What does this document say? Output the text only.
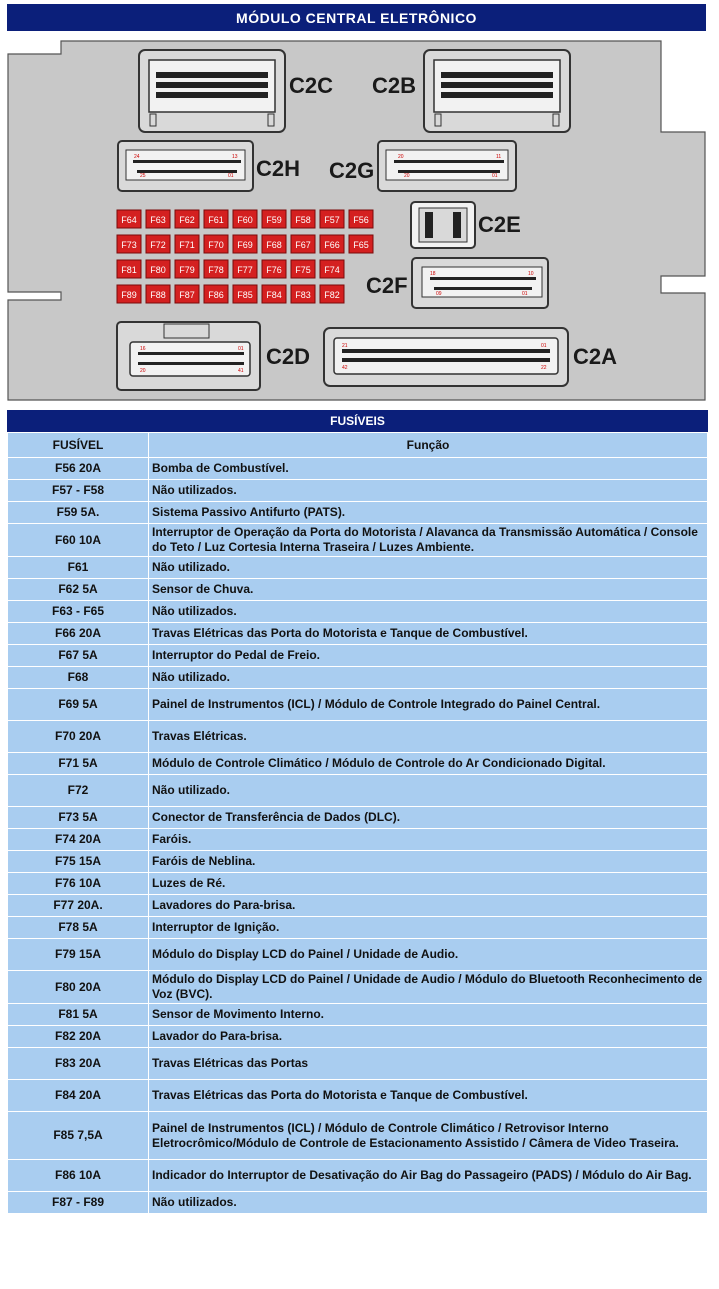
MÓDULO CENTRAL ELETRÔNICO
C2C C2B
24	13
25	01 C2H	20	11
20	01
C2G
C2E
18	10
09	01
C2F
16	01
20	41
C2D	21	01
42	22 C2A
F64 F63 F62 F61 F60 F59 F58 F57 F56
F73 F72 F71 F70 F69 F68 F67 F66 F65
F81 F80 F79 F78 F77 F76 F75 F74
F89 F88 F87 F86 F85 F84 F83 F82
FUSÍVEIS
FUSÍVEL	Função
F56 20A	Bomba de Combustível.
F57 - F58	Não utilizados.
F59 5A.	Sistema Passivo Antifurto (PATS).
F60 10A	Interruptor de Operação da Porta do Motorista / Alavanca da Transmissão Automática / Console do Teto / Luz Cortesia Interna Traseira / Luzes Ambiente.
F61	Não utilizado.
F62 5A	Sensor de Chuva.
F63 - F65	Não utilizados.
F66 20A	Travas Elétricas das Porta do Motorista e Tanque de Combustível.
F67 5A	Interruptor do Pedal de Freio.
F68	Não utilizado.
F69 5A	Painel de Instrumentos (ICL) / Módulo de Controle Integrado do Painel Central.
F70 20A	Travas Elétricas.
F71 5A	Módulo de Controle Climático / Módulo de Controle do Ar Condicionado Digital.
F72	Não utilizado.
F73 5A	Conector de Transferência de Dados (DLC).
F74 20A	Faróis.
F75 15A	Faróis de Neblina.
F76 10A	Luzes de Ré.
F77 20A.	Lavadores do Para-brisa.
F78 5A	Interruptor de Ignição.
F79 15A	Módulo do Display LCD do Painel / Unidade de Audio.
F80 20A	Módulo do Display LCD do Painel / Unidade de Audio / Módulo do Bluetooth Reconhecimento de Voz (BVC).
F81 5A	Sensor de Movimento Interno.
F82 20A	Lavador do Para-brisa.
F83 20A	Travas Elétricas das Portas
F84 20A	Travas Elétricas das Porta do Motorista e Tanque de Combustível.
F85 7,5A	Painel de Instrumentos (ICL) / Módulo de Controle Climático / Retrovisor Interno Eletrocrômico/Módulo de Controle de Estacionamento Assistido / Câmera de Video Traseira.
F86 10A	Indicador do Interruptor de Desativação do Air Bag do Passageiro (PADS) / Módulo do Air Bag.
F87 - F89	Não utilizados.
